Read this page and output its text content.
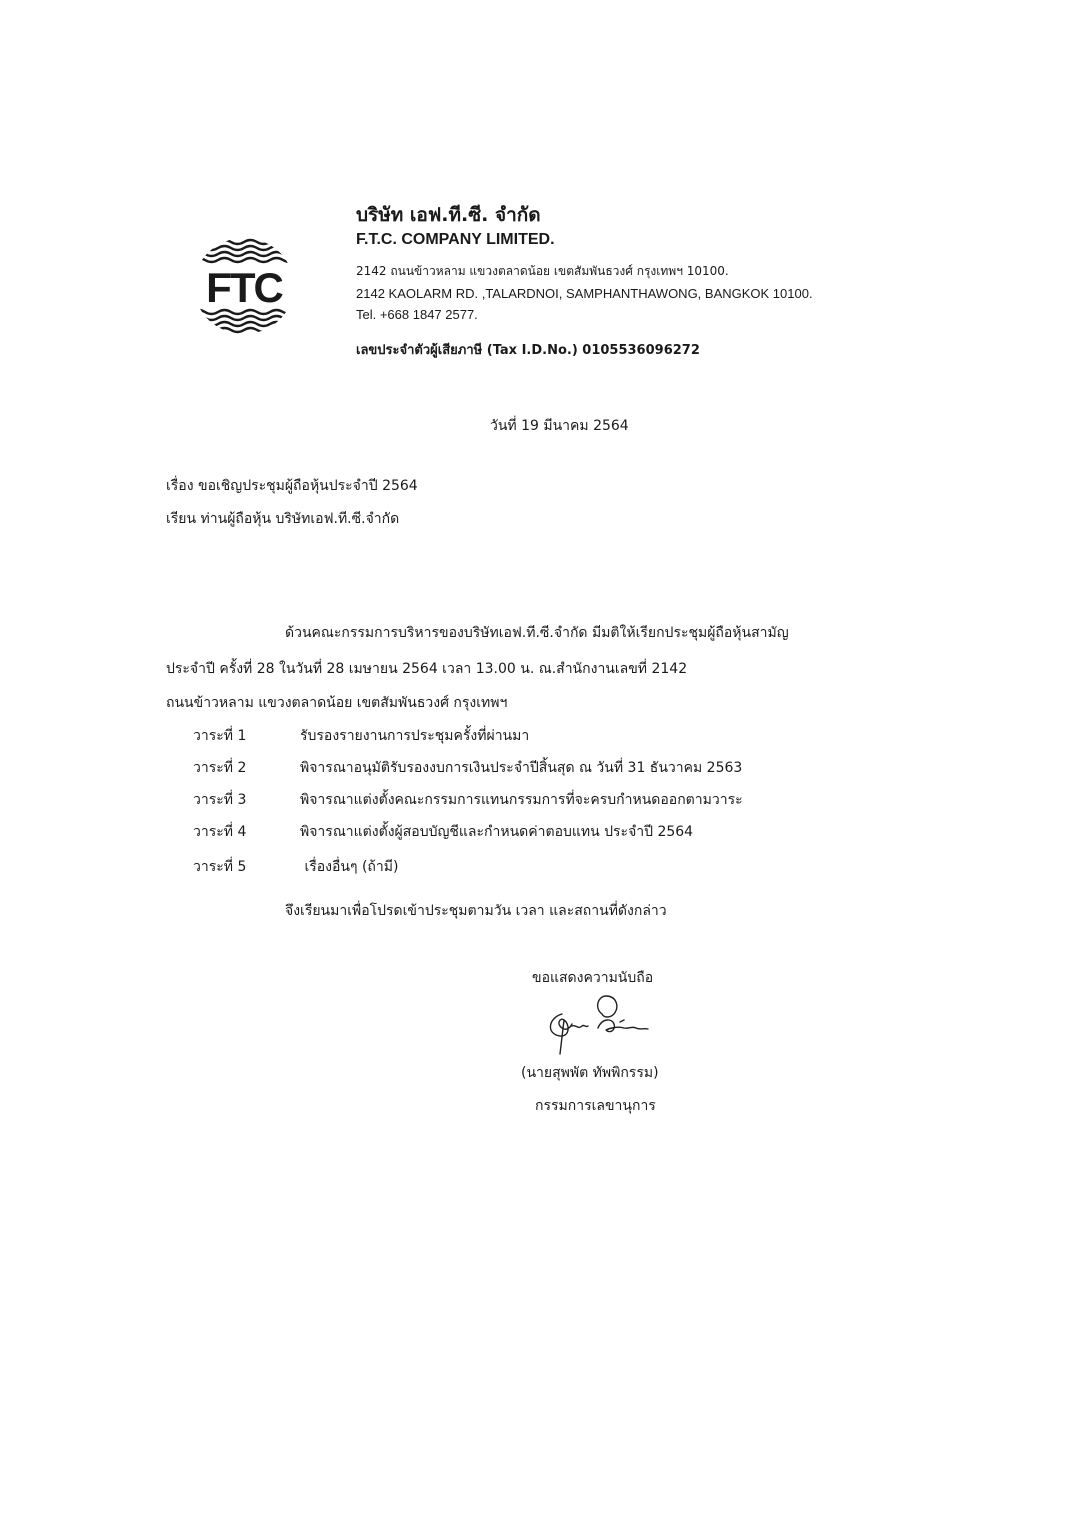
FTC
บริษัท เอฟ.ที.ซี. จำกัด
F.T.C. COMPANY LIMITED.
2142 ถนนข้าวหลาม แขวงตลาดน้อย เขตสัมพันธวงศ์ กรุงเทพฯ 10100.
2142 KAOLARM RD. ,TALARDNOI, SAMPHANTHAWONG, BANGKOK 10100.
Tel. +668 1847 2577.
เลขประจำตัวผู้เสียภาษี (Tax I.D.No.) 0105536096272
วันที่ 19 มีนาคม 2564
เรื่อง ขอเชิญประชุมผู้ถือหุ้นประจำปี 2564
เรียน ท่านผู้ถือหุ้น บริษัทเอฟ.ที.ซี.จำกัด
ด้วนคณะกรรมการบริหารของบริษัทเอฟ.ที.ซี.จำกัด มีมติให้เรียกประชุมผู้ถือหุ้นสามัญ
ประจำปี ครั้งที่ 28 ในวันที่ 28 เมษายน 2564 เวลา 13.00 น. ณ.สำนักงานเลขที่ 2142
ถนนข้าวหลาม แขวงตลาดน้อย เขตสัมพันธวงศ์ กรุงเทพฯ
วาระที่ 1	รับรองรายงานการประชุมครั้งที่ผ่านมา
วาระที่ 2	พิจารณาอนุมัติรับรองงบการเงินประจำปีสิ้นสุด ณ วันที่ 31 ธันวาคม 2563
วาระที่ 3	พิจารณาแต่งตั้งคณะกรรมการแทนกรรมการที่จะครบกำหนดออกตามวาระ
วาระที่ 4	พิจารณาแต่งตั้งผู้สอบบัญชีและกำหนดค่าตอบแทน ประจำปี 2564
วาระที่ 5	เรื่องอื่นๆ (ถ้ามี)
จึงเรียนมาเพื่อโปรดเข้าประชุมตามวัน เวลา และสถานที่ดังกล่าว
ขอแสดงความนับถือ
(นายสุพพัต ทัพพิกรรม)
กรรมการเลขานุการ
